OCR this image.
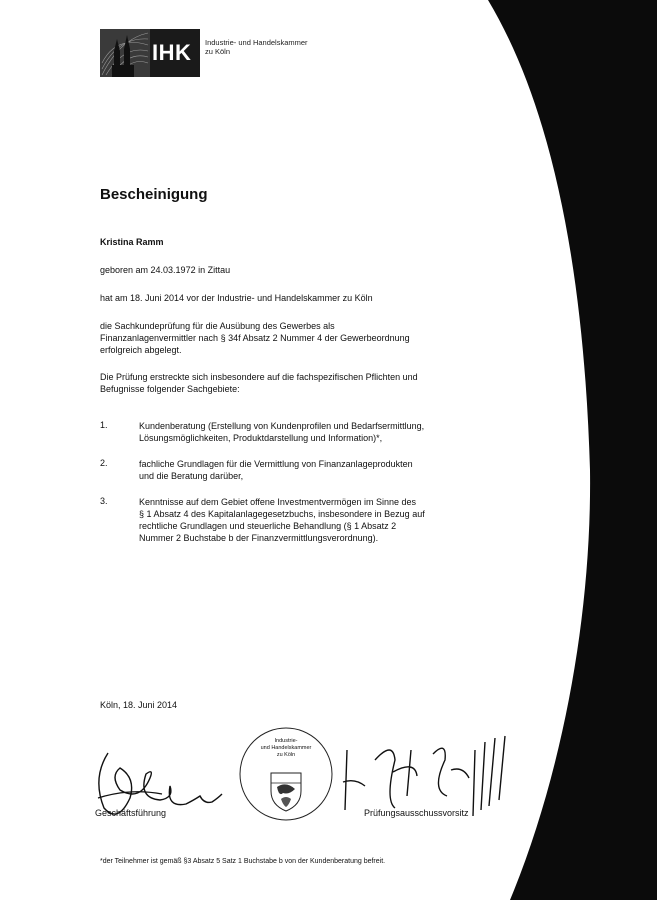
IHK Industrie- und Handelskammer
zu Köln
Bescheinigung
Kristina Ramm
geboren am 24.03.1972 in Zittau
hat am 18. Juni 2014 vor der Industrie- und Handelskammer zu Köln
die Sachkundeprüfung für die Ausübung des Gewerbes als
Finanzanlagenvermittler nach § 34f Absatz 2 Nummer 4 der Gewerbeordnung
erfolgreich abgelegt.
Die Prüfung erstreckte sich insbesondere auf die fachspezifischen Pflichten und
Befugnisse folgender Sachgebiete:
1.	Kundenberatung (Erstellung von Kundenprofilen und Bedarfsermittlung,
Lösungsmöglichkeiten, Produktdarstellung und Information)*,
2.	fachliche Grundlagen für die Vermittlung von Finanzanlageprodukten
und die Beratung darüber,
3.	Kenntnisse auf dem Gebiet offene Investmentvermögen im Sinne des
§ 1 Absatz 4 des Kapitalanlagegesetzbuchs, insbesondere in Bezug auf
rechtliche Grundlagen und steuerliche Behandlung (§ 1 Absatz 2
Nummer 2 Buchstabe b der Finanzvermittlungsverordnung).
Köln, 18. Juni 2014
Industrie-
und Handelskammer
zu Köln
Geschäftsführung	Prüfungsausschussvorsitz
*der Teilnehmer ist gemäß §3 Absatz 5 Satz 1 Buchstabe b von der Kundenberatung befreit.
